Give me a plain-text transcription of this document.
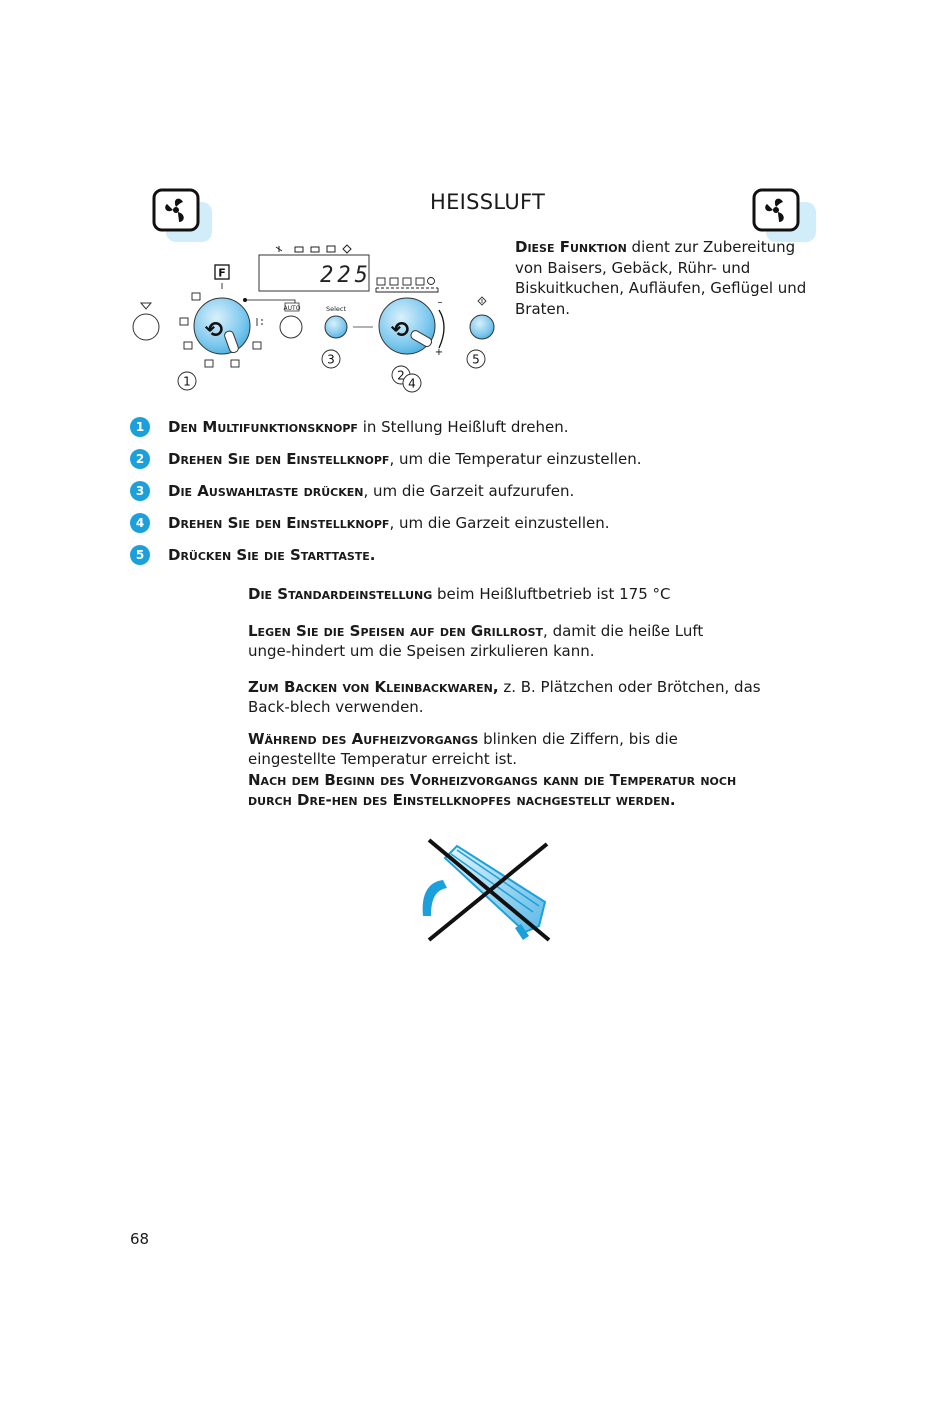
HEISSLUFT
Diese Funktion dient zur Zubereitung von Baisers, Gebäck, Rühr- und Biskuitkuchen, Aufläufen, Geflügel und Braten.
225
F
⟲
AUTO	Select
⟲
–
+
1	2
3
4
5
1	Den Multifunktionsknopf in Stellung Heißluft drehen.
2	Drehen Sie den Einstellknopf, um die Temperatur einzustellen.
3	Die Auswahltaste drücken, um die Garzeit aufzurufen.
4	Drehen Sie den Einstellknopf, um die Garzeit einzustellen.
5	Drücken Sie die Starttaste.
Die Standardeinstellung beim Heißluftbetrieb ist 175 °C
Legen Sie die Speisen auf den Grillrost, damit die heiße Luft unge-hindert um die Speisen zirkulieren kann.
Zum Backen von Kleinbackwaren, z. B. Plätzchen oder Brötchen, das Back-blech verwenden.
Während des Aufheizvorgangs blinken die Ziffern, bis die eingestellte Temperatur erreicht ist.
Nach dem Beginn des Vorheizvorgangs kann die Temperatur noch durch Dre-hen des Einstellknopfes nachgestellt werden.
68
